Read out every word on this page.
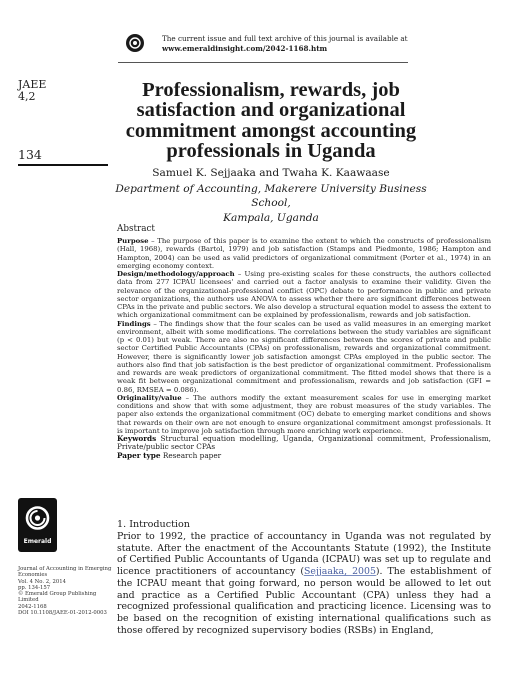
The current issue and full text archive of this journal is available at
www.emeraldinsight.com/2042-1168.htm
JAEE
4,2
134
Professionalism, rewards, job satisfaction and organizational commitment amongst accounting professionals in Uganda
Samuel K. Sejjaaka and Twaha K. Kaawaase
Department of Accounting, Makerere University Business School,
Kampala, Uganda
Abstract

Purpose – The purpose of this paper is to examine the extent to which the constructs of professionalism (Hall, 1968), rewards (Bartol, 1979) and job satisfaction (Stamps and Piedmonte, 1986; Hampton and Hampton, 2004) can be used as valid predictors of organizational commitment (Porter et al., 1974) in an emerging economy context.

Design/methodology/approach – Using pre-existing scales for these constructs, the authors collected data from 277 ICPAU licensees' and carried out a factor analysis to examine their validity. Given the relevance of the organizational-professional conflict (OPC) debate to performance in public and private sector organizations, the authors use ANOVA to assess whether there are significant differences between CPAs in the private and public sectors. We also develop a structural equation model to assess the extent to which organizational commitment can be explained by professionalism, rewards and job satisfaction.

Findings – The findings show that the four scales can be used as valid measures in an emerging market environment, albeit with some modifications. The correlations between the study variables are significant (p < 0.01) but weak. There are also no significant differences between the scores of private and public sector Certified Public Accountants (CPAs) on professionalism, rewards and organizational commitment. However, there is significantly lower job satisfaction amongst CPAs employed in the public sector. The authors also find that job satisfaction is the best predictor of organizational commitment. Professionalism and rewards are weak predictors of organizational commitment. The fitted model shows that there is a weak fit between organizational commitment and professionalism, rewards and job satisfaction (GFI = 0.86, RMSEA = 0.086).

Originality/value – The authors modify the extant measurement scales for use in emerging market conditions and show that with some adjustment, they are robust measures of the study variables. The paper also extends the organizational commitment (OC) debate to emerging market conditions and shows that rewards on their own are not enough to ensure organizational commitment amongst professionals. It is important to improve job satisfaction through more enriching work experience.

Keywords Structural equation modelling, Uganda, Organizational commitment, Professionalism, Private/public sector CPAs

Paper type Research paper

Emerald
Journal of Accounting in Emerging
Economies
Vol. 4 No. 2, 2014
pp. 134-157
© Emerald Group Publishing Limited
2042-1168
DOI 10.1108/JAEE-01-2012-0003
1. Introduction
Prior to 1992, the practice of accountancy in Uganda was not regulated by statute. After the enactment of the Accountants Statute (1992), the Institute of Certified Public Accountants of Uganda (ICPAU) was set up to regulate and licence practitioners of accountancy (Sejjaaka, 2005). The establishment of the ICPAU meant that going forward, no person would be allowed to let out and practice as a Certified Public Accountant (CPA) unless they had a recognized professional qualification and practicing licence. Licensing was to be based on the recognition of existing international qualifications such as those offered by recognized supervisory bodies (RSBs) in England,
